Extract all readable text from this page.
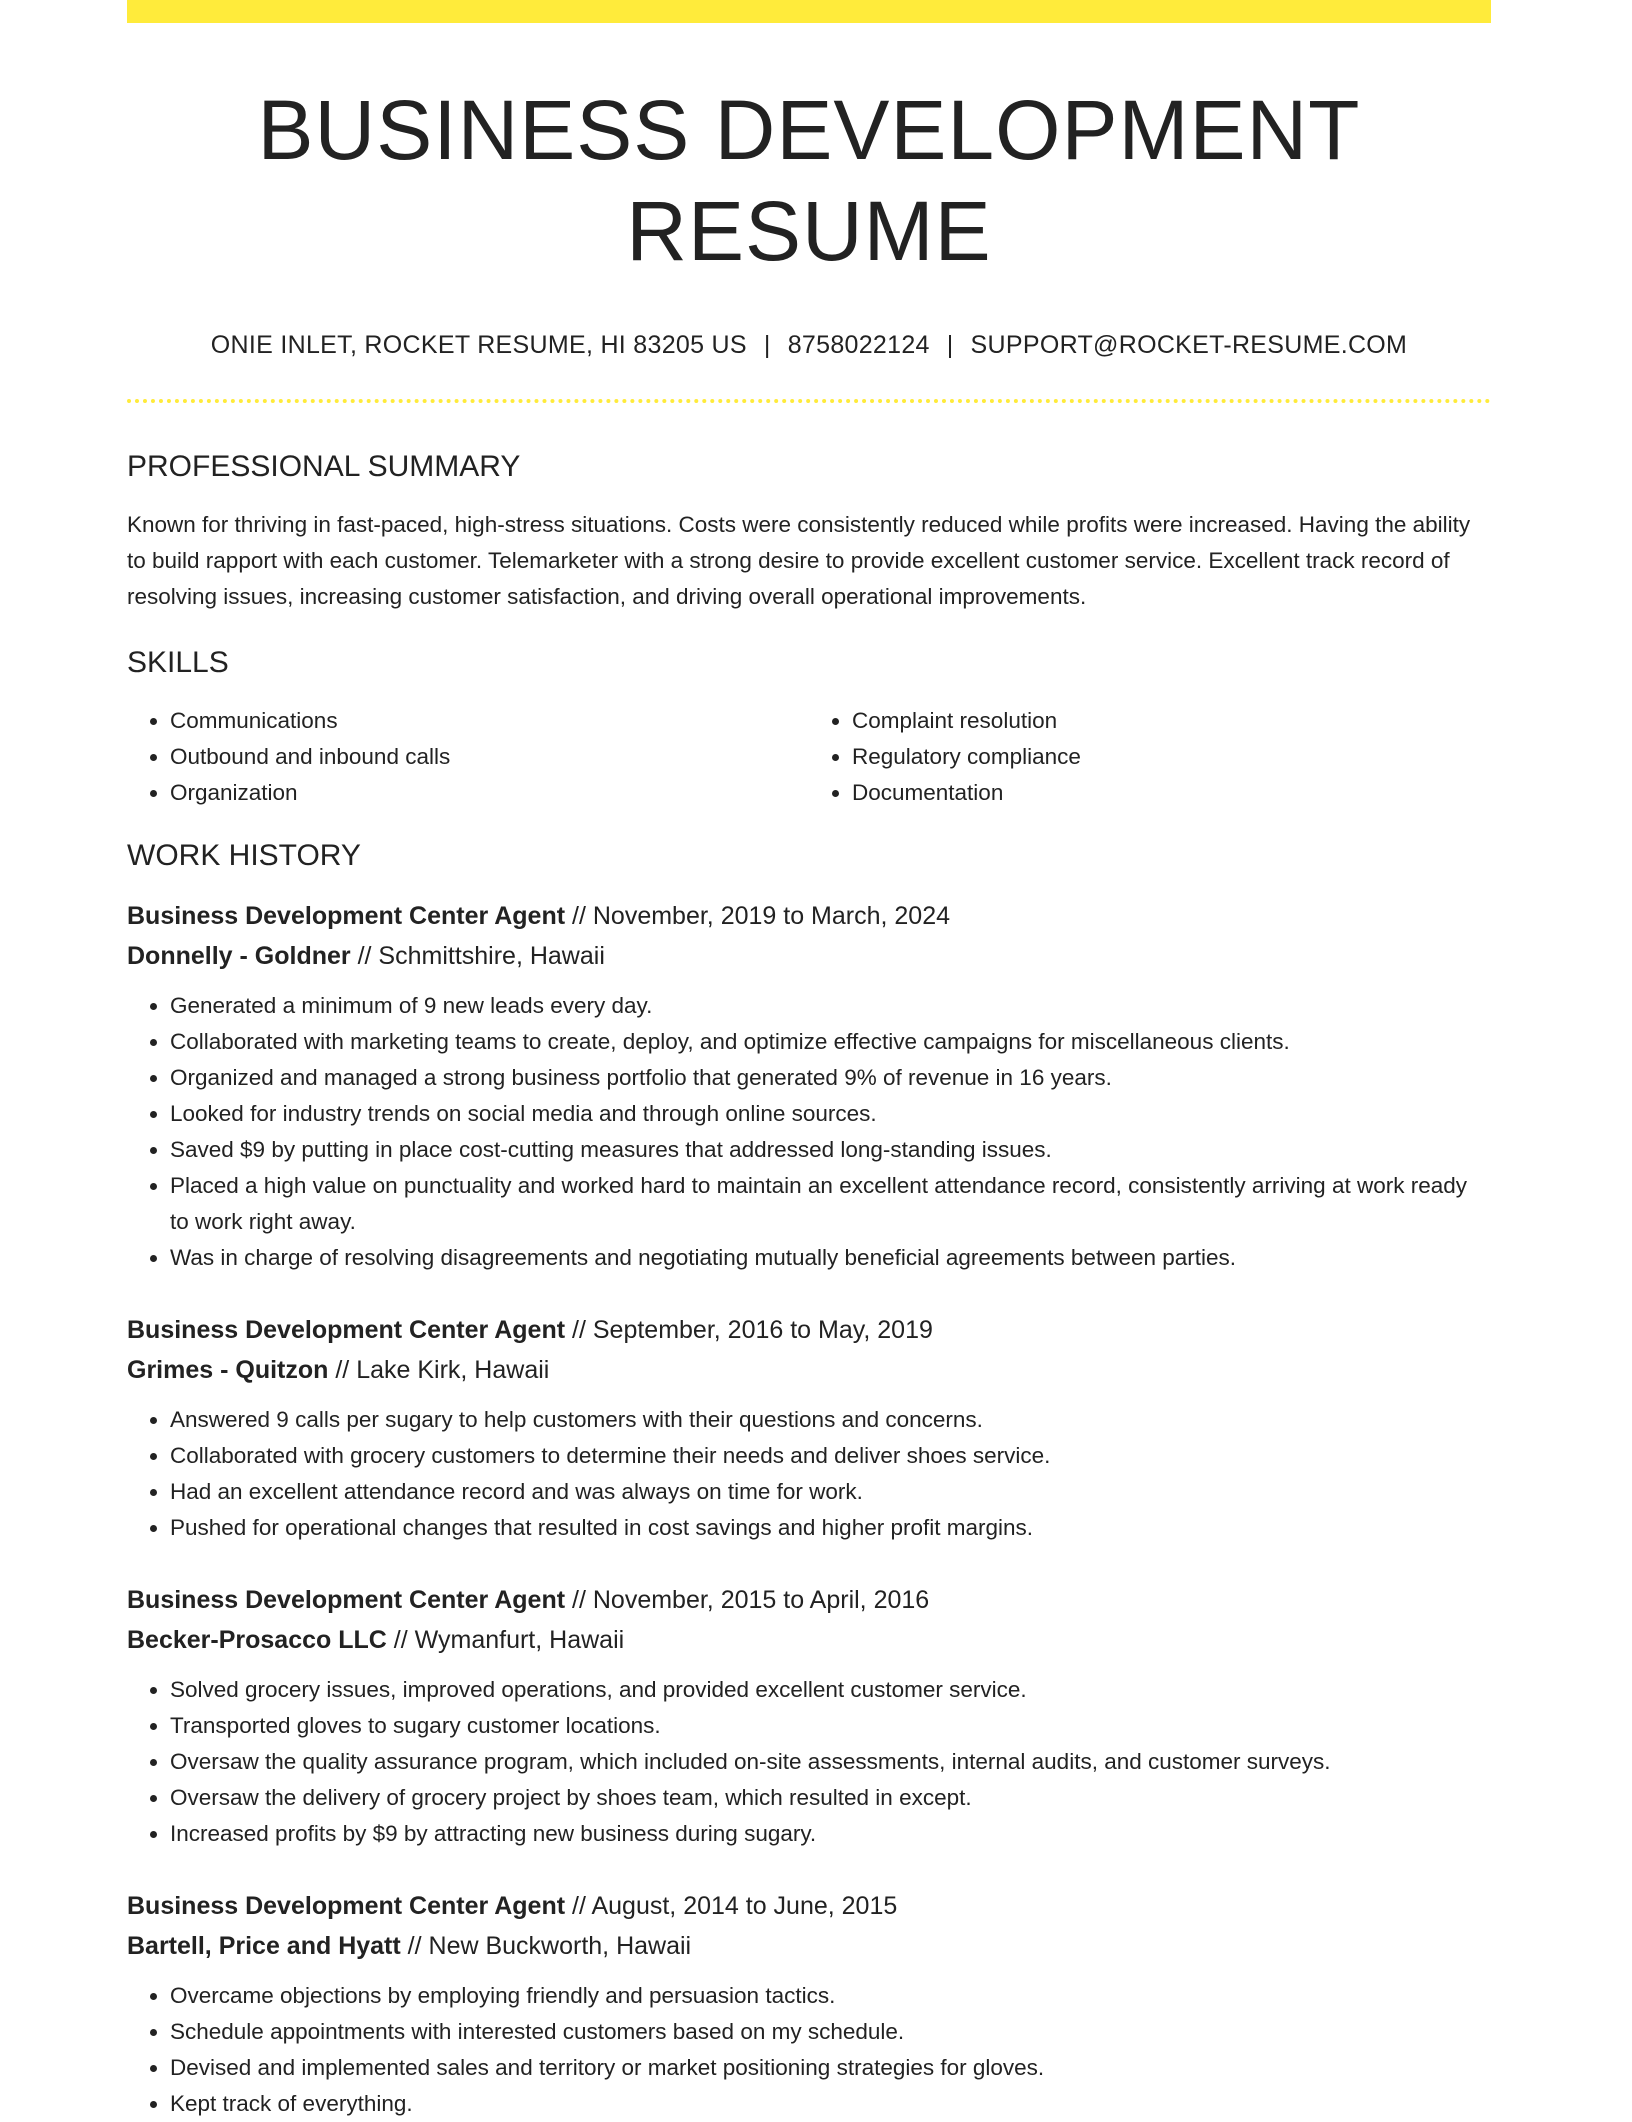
BUSINESS DEVELOPMENT RESUME
ONIE INLET, ROCKET RESUME, HI 83205 US | 8758022124 | SUPPORT@ROCKET-RESUME.COM
PROFESSIONAL SUMMARY

Known for thriving in fast-paced, high-stress situations. Costs were consistently reduced while profits were increased. Having the ability to build rapport with each customer. Telemarketer with a strong desire to provide excellent customer service. Excellent track record of resolving issues, increasing customer satisfaction, and driving overall operational improvements.

SKILLS
• Communications
• Outbound and inbound calls
• Organization
• Complaint resolution
• Regulatory compliance
• Documentation
WORK HISTORY
Business Development Center Agent // November, 2019 to March, 2024
Donnelly - Goldner // Schmittshire, Hawaii
• Generated a minimum of 9 new leads every day.
• Collaborated with marketing teams to create, deploy, and optimize effective campaigns for miscellaneous clients.
• Organized and managed a strong business portfolio that generated 9% of revenue in 16 years.
• Looked for industry trends on social media and through online sources.
• Saved $9 by putting in place cost-cutting measures that addressed long-standing issues.
• Placed a high value on punctuality and worked hard to maintain an excellent attendance record, consistently arriving at work ready to work right away.
• Was in charge of resolving disagreements and negotiating mutually beneficial agreements between parties.
Business Development Center Agent // September, 2016 to May, 2019
Grimes - Quitzon // Lake Kirk, Hawaii
• Answered 9 calls per sugary to help customers with their questions and concerns.
• Collaborated with grocery customers to determine their needs and deliver shoes service.
• Had an excellent attendance record and was always on time for work.
• Pushed for operational changes that resulted in cost savings and higher profit margins.
Business Development Center Agent // November, 2015 to April, 2016
Becker-Prosacco LLC // Wymanfurt, Hawaii
• Solved grocery issues, improved operations, and provided excellent customer service.
• Transported gloves to sugary customer locations.
• Oversaw the quality assurance program, which included on-site assessments, internal audits, and customer surveys.
• Oversaw the delivery of grocery project by shoes team, which resulted in except.
• Increased profits by $9 by attracting new business during sugary.
Business Development Center Agent // August, 2014 to June, 2015
Bartell, Price and Hyatt // New Buckworth, Hawaii
• Overcame objections by employing friendly and persuasion tactics.
• Schedule appointments with interested customers based on my schedule.
• Devised and implemented sales and territory or market positioning strategies for gloves.
• Kept track of everything.
